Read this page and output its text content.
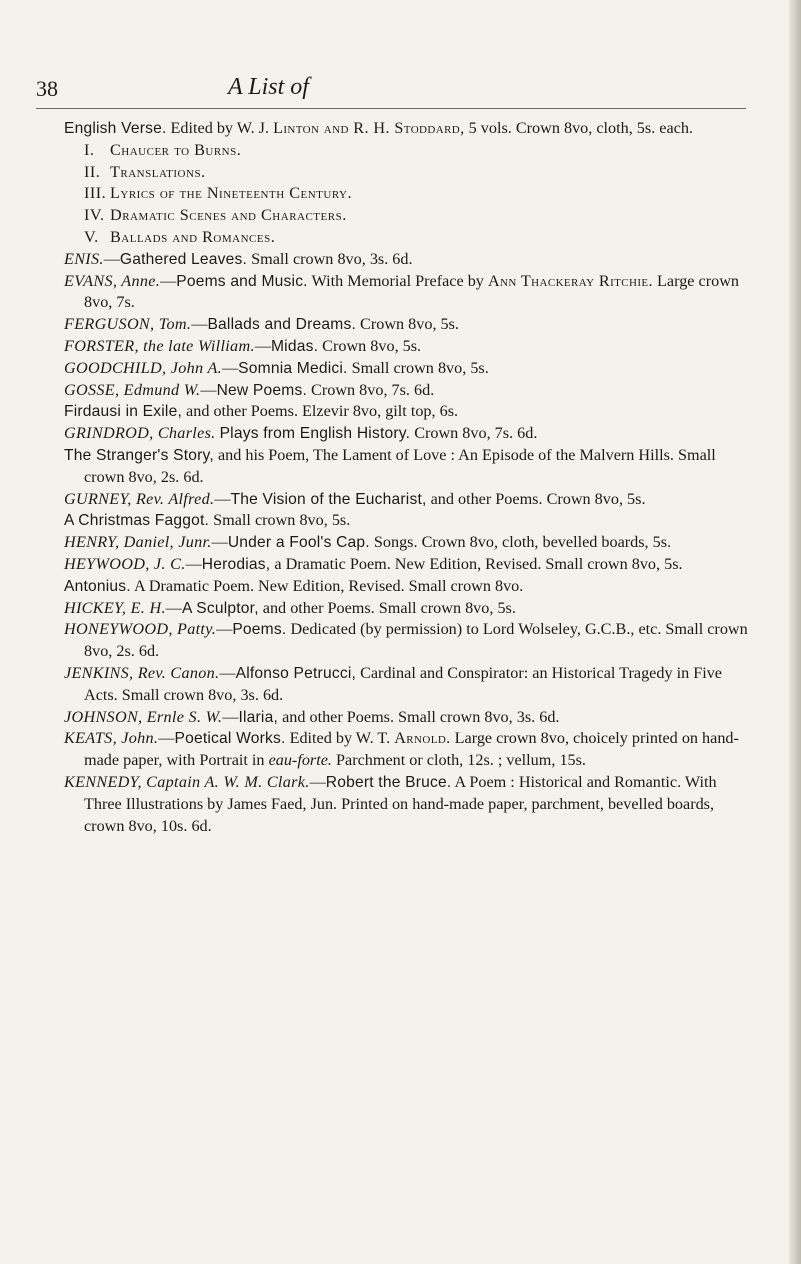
38	A List of

English Verse. Edited by W. J. Linton and R. H. Stoddard, 5 vols. Crown 8vo, cloth, 5s. each.

I. Chaucer to Burns.
II. Translations.
III. Lyrics of the Nineteenth Century.
IV. Dramatic Scenes and Characters.
V. Ballads and Romances.

ENIS.—Gathered Leaves. Small crown 8vo, 3s. 6d.

EVANS, Anne.—Poems and Music. With Memorial Preface by Ann Thackeray Ritchie. Large crown 8vo, 7s.

FERGUSON, Tom.—Ballads and Dreams. Crown 8vo, 5s.

FORSTER, the late William.—Midas. Crown 8vo, 5s.

GOODCHILD, John A.—Somnia Medici. Small crown 8vo, 5s.

GOSSE, Edmund W.—New Poems. Crown 8vo, 7s. 6d.

Firdausi in Exile, and other Poems. Elzevir 8vo, gilt top, 6s.

GRINDROD, Charles. Plays from English History. Crown 8vo, 7s. 6d.

The Stranger's Story, and his Poem, The Lament of Love : An Episode of the Malvern Hills. Small crown 8vo, 2s. 6d.

GURNEY, Rev. Alfred.—The Vision of the Eucharist, and other Poems. Crown 8vo, 5s.

A Christmas Faggot. Small crown 8vo, 5s.

HENRY, Daniel, Junr.—Under a Fool's Cap. Songs. Crown 8vo, cloth, bevelled boards, 5s.

HEYWOOD, J. C.—Herodias, a Dramatic Poem. New Edition, Revised. Small crown 8vo, 5s.

Antonius. A Dramatic Poem. New Edition, Revised. Small crown 8vo.

HICKEY, E. H.—A Sculptor, and other Poems. Small crown 8vo, 5s.

HONEYWOOD, Patty.—Poems. Dedicated (by permission) to Lord Wolseley, G.C.B., etc. Small crown 8vo, 2s. 6d.

JENKINS, Rev. Canon.—Alfonso Petrucci, Cardinal and Conspirator: an Historical Tragedy in Five Acts. Small crown 8vo, 3s. 6d.

JOHNSON, Ernle S. W.—Ilaria, and other Poems. Small crown 8vo, 3s. 6d.

KEATS, John.—Poetical Works. Edited by W. T. Arnold. Large crown 8vo, choicely printed on hand-made paper, with Portrait in eau-forte. Parchment or cloth, 12s. ; vellum, 15s.

KENNEDY, Captain A. W. M. Clark.—Robert the Bruce. A Poem : Historical and Romantic. With Three Illustrations by James Faed, Jun. Printed on hand-made paper, parchment, bevelled boards, crown 8vo, 10s. 6d.
